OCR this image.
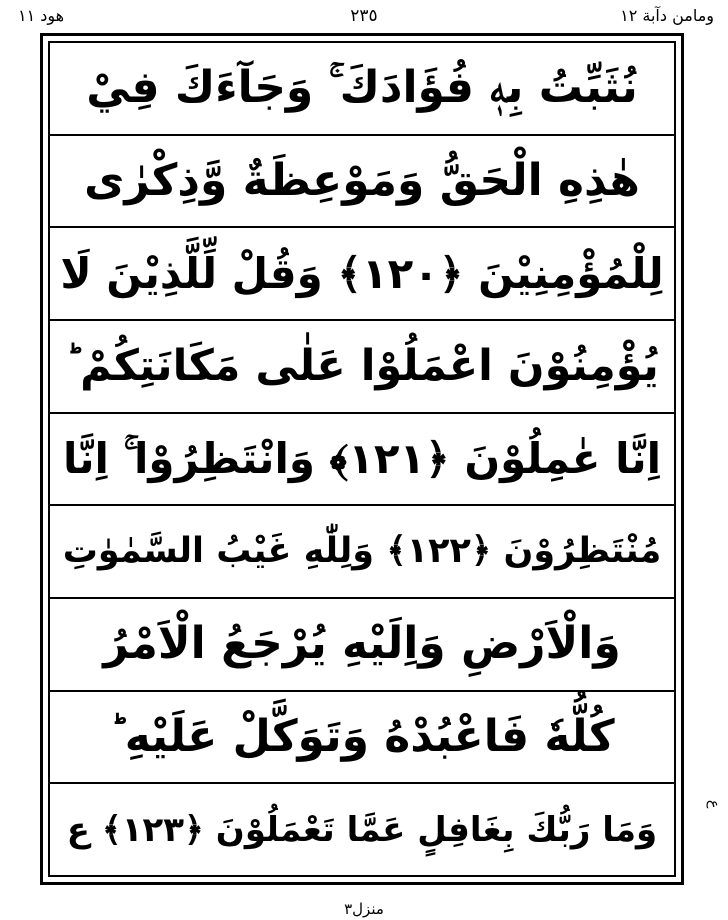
ومامن دآبة ١٢
٢٣٥
ھود ١١
نُثَبِّتُ بِهٖ فُؤَادَكَ ۚ وَجَآءَكَ فِيْ
هٰذِهِ الْحَقُّ وَمَوْعِظَةٌ وَّذِكْرٰى
لِلْمُؤْمِنِيْنَ ﴿١٢٠﴾ وَقُلْ لِّلَّذِيْنَ لَا
يُؤْمِنُوْنَ اعْمَلُوْا عَلٰى مَكَانَتِكُمْ ؕ
اِنَّا عٰمِلُوْنَ ﴿١٢١﴾ وَانْتَظِرُوْا ۚ اِنَّا
مُنْتَظِرُوْنَ ﴿١٢٢﴾ وَلِلّٰهِ غَيْبُ السَّمٰوٰتِ
وَالْاَرْضِ وَاِلَيْهِ يُرْجَعُ الْاَمْرُ
كُلُّهٗ فَاعْبُدْهُ وَتَوَكَّلْ عَلَيْهِ ؕ
وَمَا رَبُّكَ بِغَافِلٍ عَمَّا تَعْمَلُوْنَ ﴿١٢٣﴾ ع
ع
منزل٣
